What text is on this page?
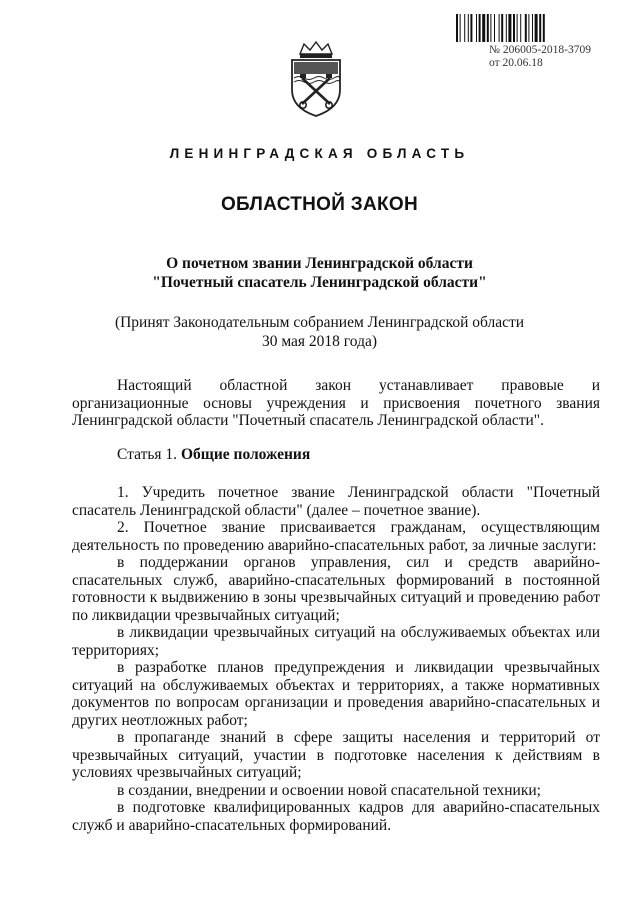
№ 206005-2018-3709
от 20.06.18
ЛЕНИНГРАДСКАЯ ОБЛАСТЬ
ОБЛАСТНОЙ ЗАКОН
О почетном звании Ленинградской области
"Почетный спасатель Ленинградской области"
(Принят Законодательным собранием Ленинградской области
30 мая 2018 года)
Настоящий областной закон устанавливает правовые и организационные основы учреждения и присвоения почетного звания Ленинградской области "Почетный спасатель Ленинградской области".
Статья 1. Общие положения
1. Учредить почетное звание Ленинградской области "Почетный спасатель Ленинградской области" (далее – почетное звание).
2. Почетное звание присваивается гражданам, осуществляющим деятельность по проведению аварийно-спасательных работ, за личные заслуги:
в поддержании органов управления, сил и средств аварийно-спасательных служб, аварийно-спасательных формирований в постоянной готовности к выдвижению в зоны чрезвычайных ситуаций и проведению работ по ликвидации чрезвычайных ситуаций;
в ликвидации чрезвычайных ситуаций на обслуживаемых объектах или территориях;
в разработке планов предупреждения и ликвидации чрезвычайных ситуаций на обслуживаемых объектах и территориях, а также нормативных документов по вопросам организации и проведения аварийно-спасательных и других неотложных работ;
в пропаганде знаний в сфере защиты населения и территорий от чрезвычайных ситуаций, участии в подготовке населения к действиям в условиях чрезвычайных ситуаций;
в создании, внедрении и освоении новой спасательной техники;
в подготовке квалифицированных кадров для аварийно-спасательных служб и аварийно-спасательных формирований.
